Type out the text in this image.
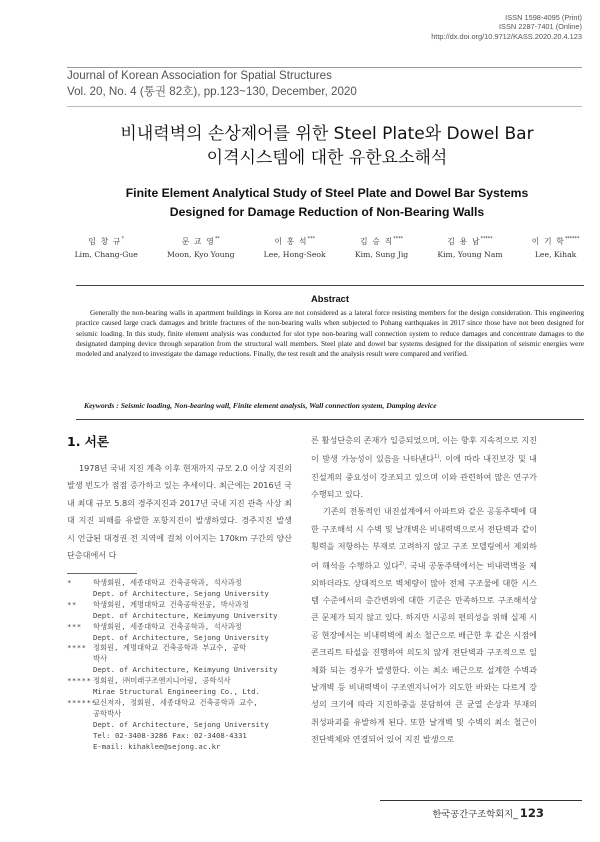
ISSN 1598-4095 (Print)
ISSN 2287-7401 (Online)
http://dx.doi.org/10.9712/KASS.2020.20.4.123
Journal of Korean Association for Spatial Structures
Vol. 20, No. 4 (통권 82호), pp.123~130, December, 2020
비내력벽의 손상제어를 위한 Steel Plate와 Dowel Bar
이격시스템에 대한 유한요소해석
Finite Element Analytical Study of Steel Plate and Dowel Bar Systems
Designed for Damage Reduction of Non-Bearing Walls
임 창 규*
Lim, Chang-Gue
문 교 영**
Moon, Kyo Young
이 홍 석***
Lee, Hong-Seok
김 승 직****
Kim, Sung Jig
김 용 남*****
Kim, Young Nam
이 기 학******
Lee, Kihak
Abstract
Generally the non-bearing walls in apartment buildings in Korea are not considered as a lateral force resisting members for the design consideration. This engineering practice caused large crack damages and brittle fractures of the non-bearing walls when subjected to Pohang earthquakes in 2017 since those have not been designed for seismic loading. In this study, finite element analysis was conducted for slot type non-bearing wall connection system to reduce damages and concentrate damages to the designated damping device through separation from the structural wall members. Steel plate and dowel bar systems designed for the dissipation of seismic energies were modeled and analyzed to investigate the damage reductions. Finally, the test result and the analysis result were compared and verified.
Keywords : Seismic loading, Non-bearing wall, Finite element analysis, Wall connection system, Damping device
1. 서론

1978년 국내 지진 계측 이후 현재까지 규모 2.0 이상 지진의 발생 빈도가 점점 증가하고 있는 추세이다. 최근에는 2016년 국내 최대 규모 5.8의 경주지진과 2017년 국내 지진 관측 사상 최대 지진 피해를 유발한 포항지진이 발생하였다. 경주지진 발생 시 언급된 대경권 전 지역에 걸쳐 이어지는 170km 구간의 양산 단층대에서 다

*	학생회원, 세종대학교 건축공학과, 석사과정
Dept. of Architecture, Sejong University
**	학생회원, 계명대학교 건축공학전공, 박사과정
Dept. of Architecture, Keimyung University
***	학생회원, 세종대학교 건축공학과, 석사과정
Dept. of Architecture, Sejong University
**** 정회원, 계명대학교 건축공학과 부교수, 공학
박사
Dept. of Architecture, Keimyung University
***** 정회원, ㈜미래구조엔지니어링, 공학석사
Mirae Structural Engineering Co., Ltd.
******
교신저자, 정회원, 세종대학교 건축공학과 교수,
공학박사
Dept. of Architecture, Sejong University
Tel: 02-3408-3286 Fax: 02-3408-4331
E-mail: kihaklee@sejong.ac.kr

른 활성단층의 존재가 입증되었으며, 이는 향후 지속적으로 지진이 발생 가능성이 있음을 나타낸다$^{1)}$. 이에 따라 내진보강 및 내진설계의 중요성이 강조되고 있으며 이와 관련하여 많은 연구가 수행되고 있다.

기존의 전통적인 내진설계에서 아파트와 같은 공동주택에 대한 구조해석 시 수벽 및 날개벽은 비내력벽으로서 전단벽과 같이 횡력을 저항하는 부재로 고려하지 않고 구조 모델링에서 제외하여 해석을 수행하고 있다$^{2)}$. 국내 공동주택에서는 비내력벽을 제외하더라도 상대적으로 벽체량이 많아 전체 구조물에 대한 시스템 수준에서의 층간변위에 대한 기준은 만족하므로 구조해석상 큰 문제가 되지 않고 있다. 하지만 시공의 편의성을 위해 실제 시공 현장에서는 비내력벽에 최소 철근으로 배근한 후 같은 시점에 콘크리트 타설을 진행하여 의도치 않게 전단벽과 구조적으로 일체화 되는 경우가 발생한다. 이는 최소 배근으로 설계한 수벽과 날개벽 등 비내력벽이 구조엔지니어가 의도한 바와는 다르게 강성의 크기에 따라 지진하중을 분담하여 큰 균열 손상과 부재의 취성파괴를 유발하게 된다. 또한 날개벽 및 수벽의 최소 철근이 전단벽체와 연결되어 있어 지진 발생으로

한국공간구조학회지_ 123
